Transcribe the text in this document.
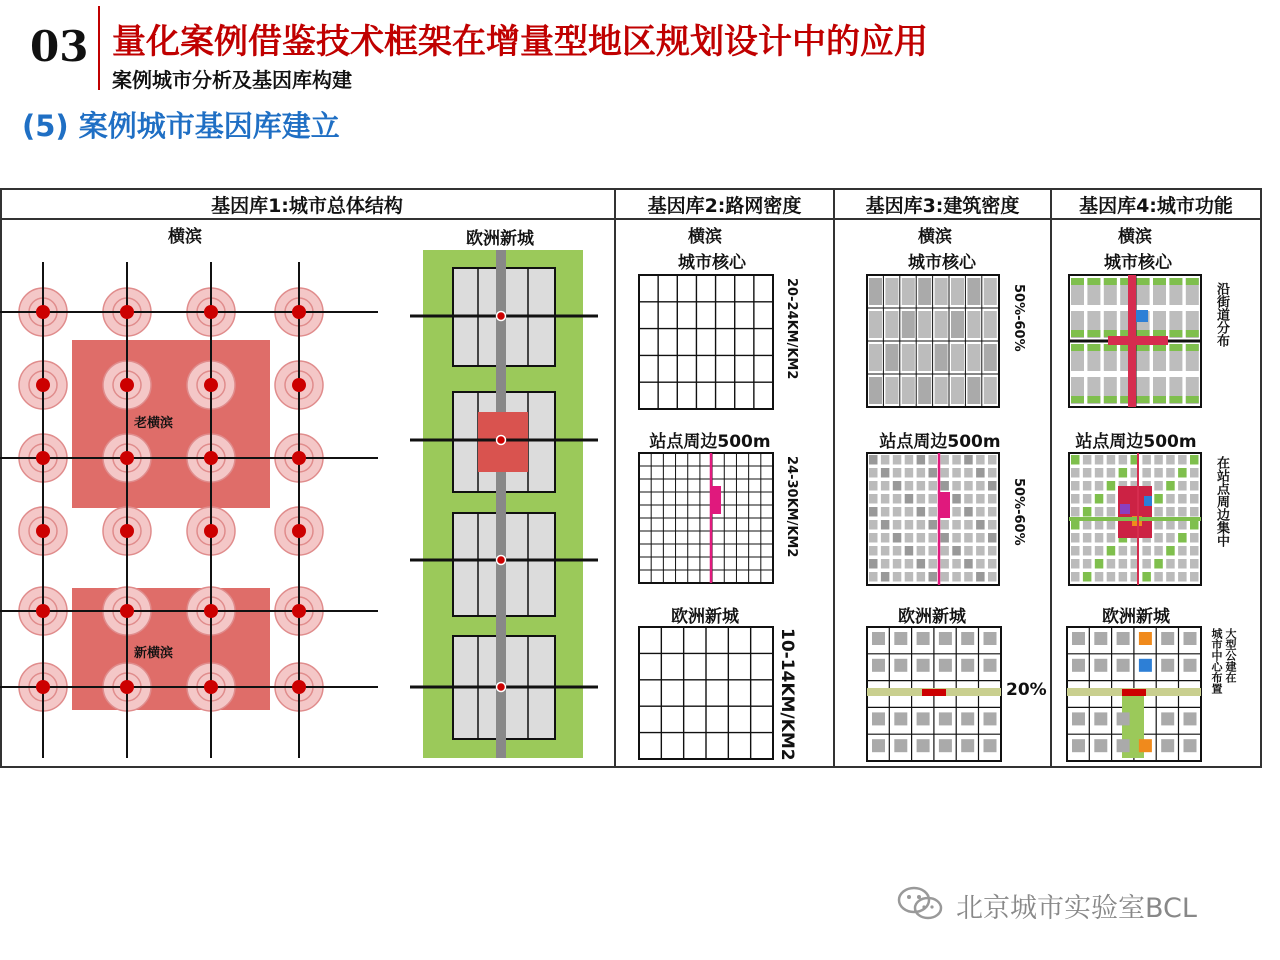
03 量化案例借鉴技术框架在增量型地区规划设计中的应用
案例城市分析及基因库构建
(5) 案例城市基因库建立
基因库1:城市总体结构	基因库2:路网密度	基因库3:建筑密度	基因库4:城市功能
横滨	欧洲新城
老横滨
新横滨
横滨
城市核心
站点周边500m
欧洲新城
20-24KM/KM2
24-30KM/KM2
10-14KM/KM2
横滨
城市核心
站点周边500m
欧洲新城
50%-60%
50%-60%
20%
横滨
城市核心
站点周边500m
欧洲新城
沿街道分布
在站点周边集中
大型公建在
城市中心布置
北京城市实验室BCL
